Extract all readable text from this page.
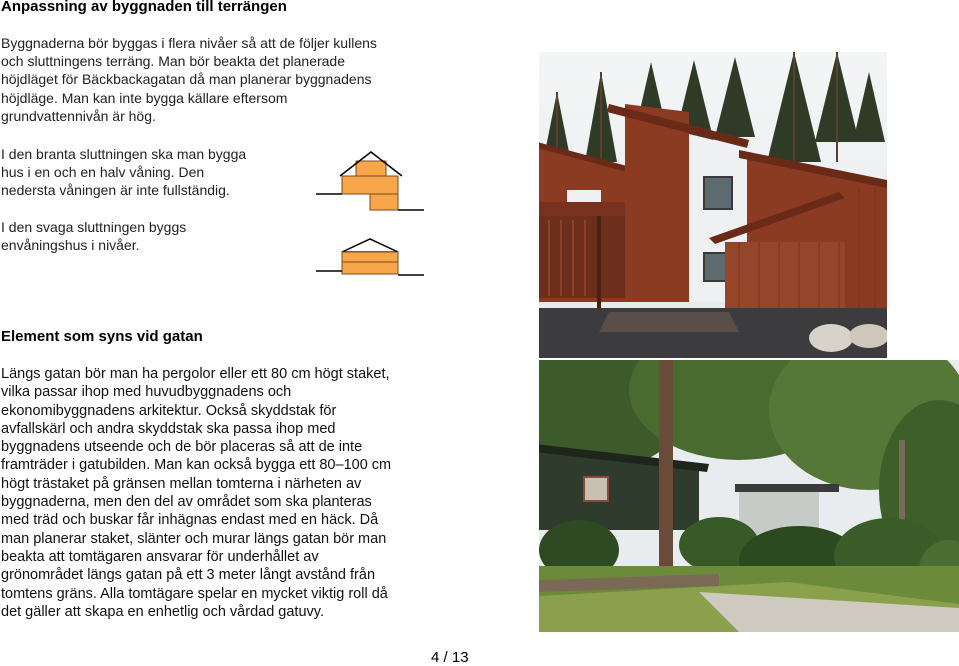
Anpassning av byggnaden till terrängen
Byggnaderna bör byggas i flera nivåer så att de följer kullens
och sluttningens terräng. Man bör beakta det planerade
höjdläget för Bäckbackagatan då man planerar byggnadens
höjdläge. Man kan inte bygga källare eftersom
grundvattennivån är hög.
I den branta sluttningen ska man bygga
hus i en och en halv våning. Den
nedersta våningen är inte fullständig.
I den svaga sluttningen byggs
envåningshus i nivåer.
Element som syns vid gatan
Längs gatan bör man ha pergolor eller ett 80 cm högt staket,
vilka passar ihop med huvudbyggnadens och
ekonomibyggnadens arkitektur. Också skyddstak för
avfallskärl och andra skyddstak ska passa ihop med
byggnadens utseende och de bör placeras så att de inte
framträder i gatubilden. Man kan också bygga ett 80–100 cm
högt trästaket på gränsen mellan tomterna i närheten av
byggnaderna, men den del av området som ska planteras
med träd och buskar får inhägnas endast med en häck. Då
man planerar staket, slänter och murar längs gatan bör man
beakta att tomtägaren ansvarar för underhållet av
grönområdet längs gatan på ett 3 meter långt avstånd från
tomtens gräns. Alla tomtägare spelar en mycket viktig roll då
det gäller att skapa en enhetlig och vårdad gatuvy.
4 / 13
